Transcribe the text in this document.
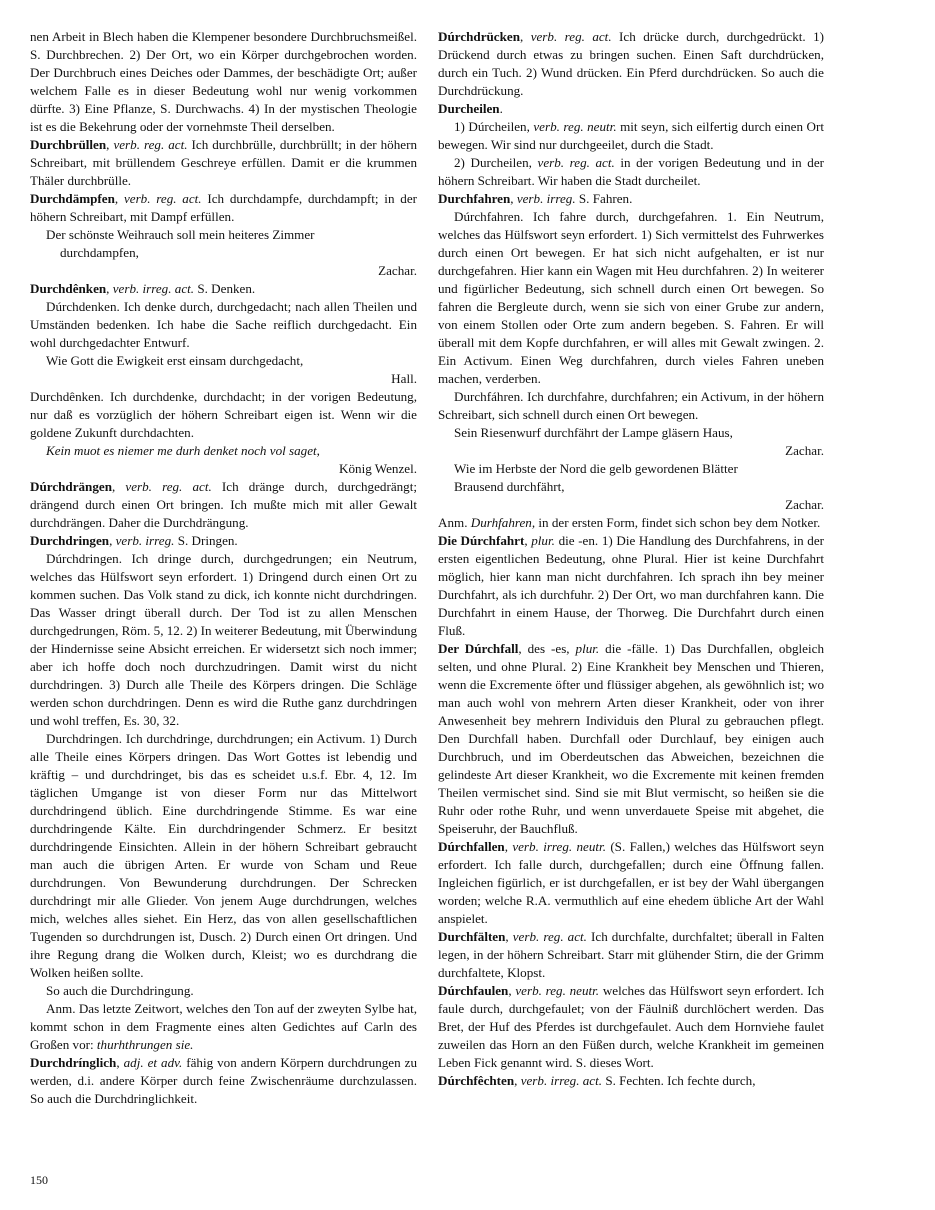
nen Arbeit in Blech haben die Klempener besondere Durchbruchsmeißel. S. Durchbrechen. 2) Der Ort, wo ein Körper durchgebrochen worden. Der Durchbruch eines Deiches oder Dammes, der beschädigte Ort; außer welchem Falle es in dieser Bedeutung wohl nur wenig vorkommen dürfte. 3) Eine Pflanze, S. Durchwachs. 4) In der mystischen Theologie ist es die Bekehrung oder der vornehmste Theil derselben.

Durchbrüllen, verb. reg. act. Ich durchbrülle, durchbrüllt; in der höhern Schreibart, mit brüllendem Geschreye erfüllen. Damit er die krummen Thäler durchbrülle.

Durchdämpfen, verb. reg. act. Ich durchdampfe, durchdampft; in der höhern Schreibart, mit Dampf erfüllen.

Der schönste Weihrauch soll mein heiteres Zimmer

durchdampfen,

Zachar.

Durchdênken, verb. irreg. act. S. Denken.

Dúrchdenken. Ich denke durch, durchgedacht; nach allen Theilen und Umständen bedenken. Ich habe die Sache reiflich durchgedacht. Ein wohl durchgedachter Entwurf.

Wie Gott die Ewigkeit erst einsam durchgedacht,

Hall.

Durchdênken. Ich durchdenke, durchdacht; in der vorigen Bedeutung, nur daß es vorzüglich der höhern Schreibart eigen ist. Wenn wir die goldene Zukunft durchdachten.

Kein muot es niemer me durh denket noch vol saget,

König Wenzel.

Dúrchdrängen, verb. reg. act. Ich dränge durch, durchgedrängt; drängend durch einen Ort bringen. Ich mußte mich mit aller Gewalt durchdrängen. Daher die Durchdrängung.

Durchdringen, verb. irreg. S. Dringen.

Dúrchdringen. Ich dringe durch, durchgedrungen; ein Neutrum, welches das Hülfswort seyn erfordert. 1) Dringend durch einen Ort zu kommen suchen. Das Volk stand zu dick, ich konnte nicht durchdringen. Das Wasser dringt überall durch. Der Tod ist zu allen Menschen durchgedrungen, Röm. 5, 12. 2) In weiterer Bedeutung, mit Überwindung der Hindernisse seine Absicht erreichen. Er widersetzt sich noch immer; aber ich hoffe doch noch durchzudringen. Damit wirst du nicht durchdringen. 3) Durch alle Theile des Körpers dringen. Die Schläge werden schon durchdringen. Denn es wird die Ruthe ganz durchdringen und wohl treffen, Es. 30, 32.

Durchdringen. Ich durchdringe, durchdrungen; ein Activum. 1) Durch alle Theile eines Körpers dringen. Das Wort Gottes ist lebendig und kräftig – und durchdringet, bis das es scheidet u.s.f. Ebr. 4, 12. Im täglichen Umgange ist von dieser Form nur das Mittelwort durchdringend üblich. Eine durchdringende Stimme. Es war eine durchdringende Kälte. Ein durchdringender Schmerz. Er besitzt durchdringende Einsichten. Allein in der höhern Schreibart gebraucht man auch die übrigen Arten. Er wurde von Scham und Reue durchdrungen. Von Bewunderung durchdrungen. Der Schrecken durchdringt mir alle Glieder. Von jenem Auge durchdrungen, welches mich, welches alles siehet. Ein Herz, das von allen gesellschaftlichen Tugenden so durchdrungen ist, Dusch. 2) Durch einen Ort dringen. Und ihre Regung drang die Wolken durch, Kleist; wo es durchdrang die Wolken heißen sollte.

So auch die Durchdringung.

Anm. Das letzte Zeitwort, welches den Ton auf der zweyten Sylbe hat, kommt schon in dem Fragmente eines alten Gedichtes auf Carln des Großen vor: thurhthrungen sie.

Durchdrínglich, adj. et adv. fähig von andern Körpern durchdrungen zu werden, d.i. andere Körper durch feine Zwischenräume durchzulassen. So auch die Durchdringlichkeit.

Dúrchdrücken, verb. reg. act. Ich drücke durch, durchgedrückt. 1) Drückend durch etwas zu bringen suchen. Einen Saft durchdrücken, durch ein Tuch. 2) Wund drücken. Ein Pferd durchdrücken. So auch die Durchdrückung.

Durcheilen.

1) Dúrcheilen, verb. reg. neutr. mit seyn, sich eilfertig durch einen Ort bewegen. Wir sind nur durchgeeilet, durch die Stadt.

2) Durcheilen, verb. reg. act. in der vorigen Bedeutung und in der höhern Schreibart. Wir haben die Stadt durcheilet.

Durchfahren, verb. irreg. S. Fahren.

Dúrchfahren. Ich fahre durch, durchgefahren. 1. Ein Neutrum, welches das Hülfswort seyn erfordert. 1) Sich vermittelst des Fuhrwerkes durch einen Ort bewegen. Er hat sich nicht aufgehalten, er ist nur durchgefahren. Hier kann ein Wagen mit Heu durchfahren. 2) In weiterer und figürlicher Bedeutung, sich schnell durch einen Ort bewegen. So fahren die Bergleute durch, wenn sie sich von einer Grube zur andern, von einem Stollen oder Orte zum andern begeben. S. Fahren. Er will überall mit dem Kopfe durchfahren, er will alles mit Gewalt zwingen. 2. Ein Activum. Einen Weg durchfahren, durch vieles Fahren uneben machen, verderben.

Durchfáhren. Ich durchfahre, durchfahren; ein Activum, in der höhern Schreibart, sich schnell durch einen Ort bewegen.

Sein Riesenwurf durchfährt der Lampe gläsern Haus,

Zachar.

Wie im Herbste der Nord die gelb gewordenen Blätter

Brausend durchfährt,

Zachar.

Anm. Durhfahren, in der ersten Form, findet sich schon bey dem Notker.

Die Dúrchfahrt, plur. die -en. 1) Die Handlung des Durchfahrens, in der ersten eigentlichen Bedeutung, ohne Plural. Hier ist keine Durchfahrt möglich, hier kann man nicht durchfahren. Ich sprach ihn bey meiner Durchfahrt, als ich durchfuhr. 2) Der Ort, wo man durchfahren kann. Die Durchfahrt in einem Hause, der Thorweg. Die Durchfahrt durch einen Fluß.

Der Dúrchfall, des -es, plur. die -fälle. 1) Das Durchfallen, obgleich selten, und ohne Plural. 2) Eine Krankheit bey Menschen und Thieren, wenn die Excremente öfter und flüssiger abgehen, als gewöhnlich ist; wo man auch wohl von mehrern Arten dieser Krankheit, oder von ihrer Anwesenheit bey mehrern Individuis den Plural zu gebrauchen pflegt. Den Durchfall haben. Durchfall oder Durchlauf, bey einigen auch Durchbruch, und im Oberdeutschen das Abweichen, bezeichnen die gelindeste Art dieser Krankheit, wo die Excremente mit keinen fremden Theilen vermischet sind. Sind sie mit Blut vermischt, so heißen sie die Ruhr oder rothe Ruhr, und wenn unverdauete Speise mit abgehet, die Speiseruhr, der Bauchfluß.

Dúrchfallen, verb. irreg. neutr. (S. Fallen,) welches das Hülfswort seyn erfordert. Ich falle durch, durchgefallen; durch eine Öffnung fallen. Ingleichen figürlich, er ist durchgefallen, er ist bey der Wahl übergangen worden; welche R.A. vermuthlich auf eine ehedem übliche Art der Wahl anspielet.

Durchfälten, verb. reg. act. Ich durchfalte, durchfaltet; überall in Falten legen, in der höhern Schreibart. Starr mit glühender Stirn, die der Grimm durchfaltete, Klopst.

Dúrchfaulen, verb. reg. neutr. welches das Hülfswort seyn erfordert. Ich faule durch, durchgefaulet; von der Fäulniß durchlöchert werden. Das Bret, der Huf des Pferdes ist durchgefaulet. Auch dem Hornviehe faulet zuweilen das Horn an den Füßen durch, welche Krankheit im gemeinen Leben Fick genannt wird. S. dieses Wort.

Dúrchfêchten, verb. irreg. act. S. Fechten. Ich fechte durch,

150
